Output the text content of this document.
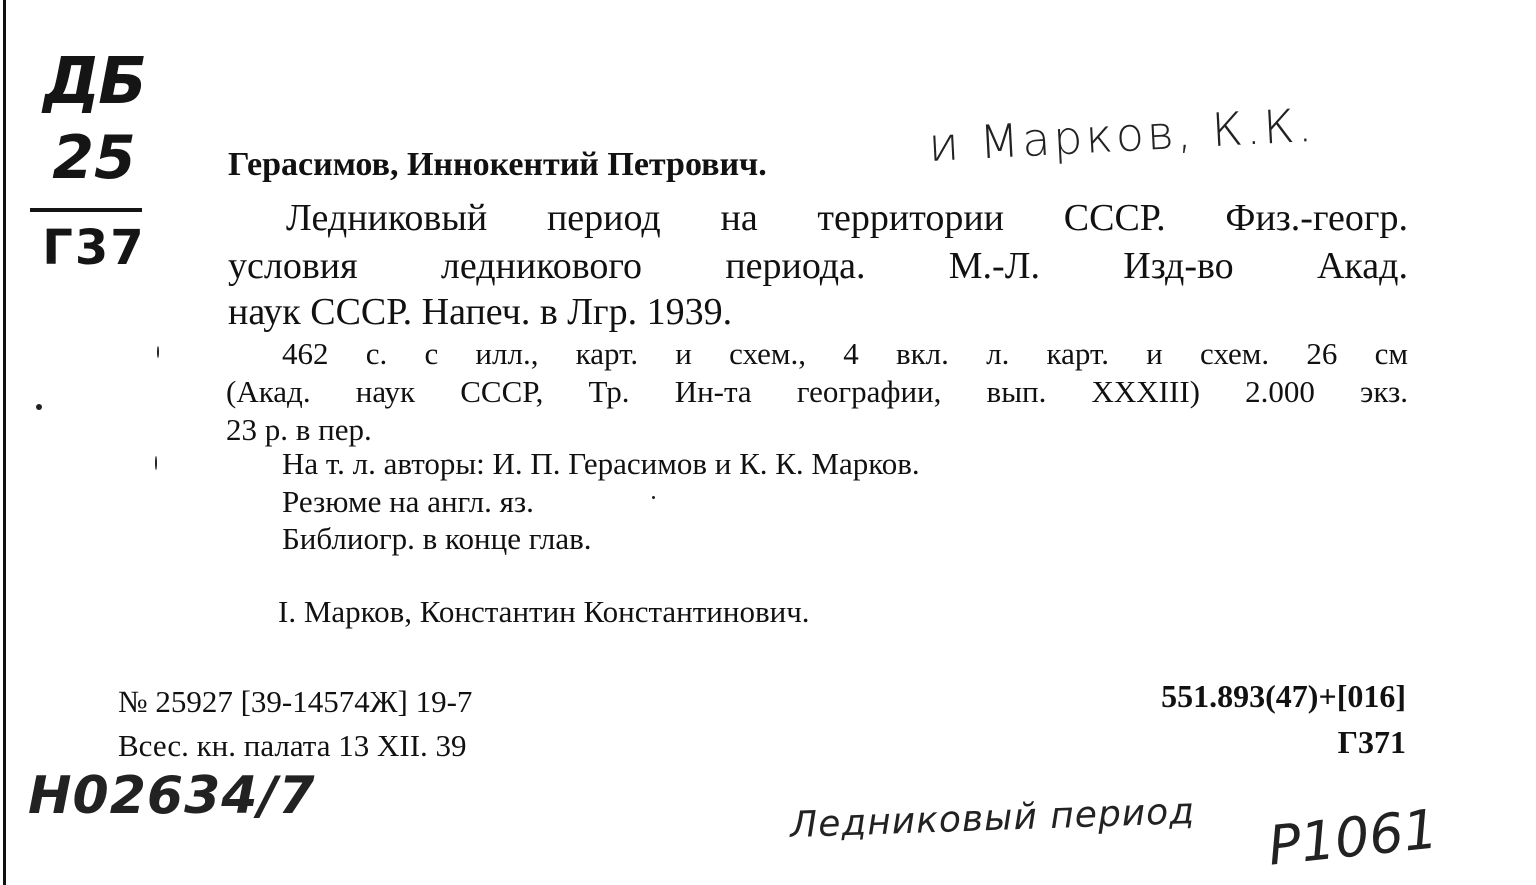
ДБ
25
Г37
Герасимов, Иннокентий Петрович.	и Марков, К.К.
Ледниковый период на территории СССР. Физ.-геогр.
условия ледникового периода. М.-Л. Изд-во Акад.
наук СССР. Напеч. в Лгр. 1939.
462 с. с илл., карт. и схем., 4 вкл. л. карт. и схем. 26 см
(Акад. наук СССР, Тр. Ин-та географии, вып. XXXIII) 2.000 экз.
23 р. в пер.
На т. л. авторы: И. П. Герасимов и К. К. Марков.
Резюме на англ. яз.
Библиогр. в конце глав.
I. Марков, Константин Константинович.
№ 25927 [39-14574Ж] 19-7
Всес. кн. палата 13 XII. 39
551.893(47)+[016]
Г371
Н02634/7	Ледниковый период Р1061
